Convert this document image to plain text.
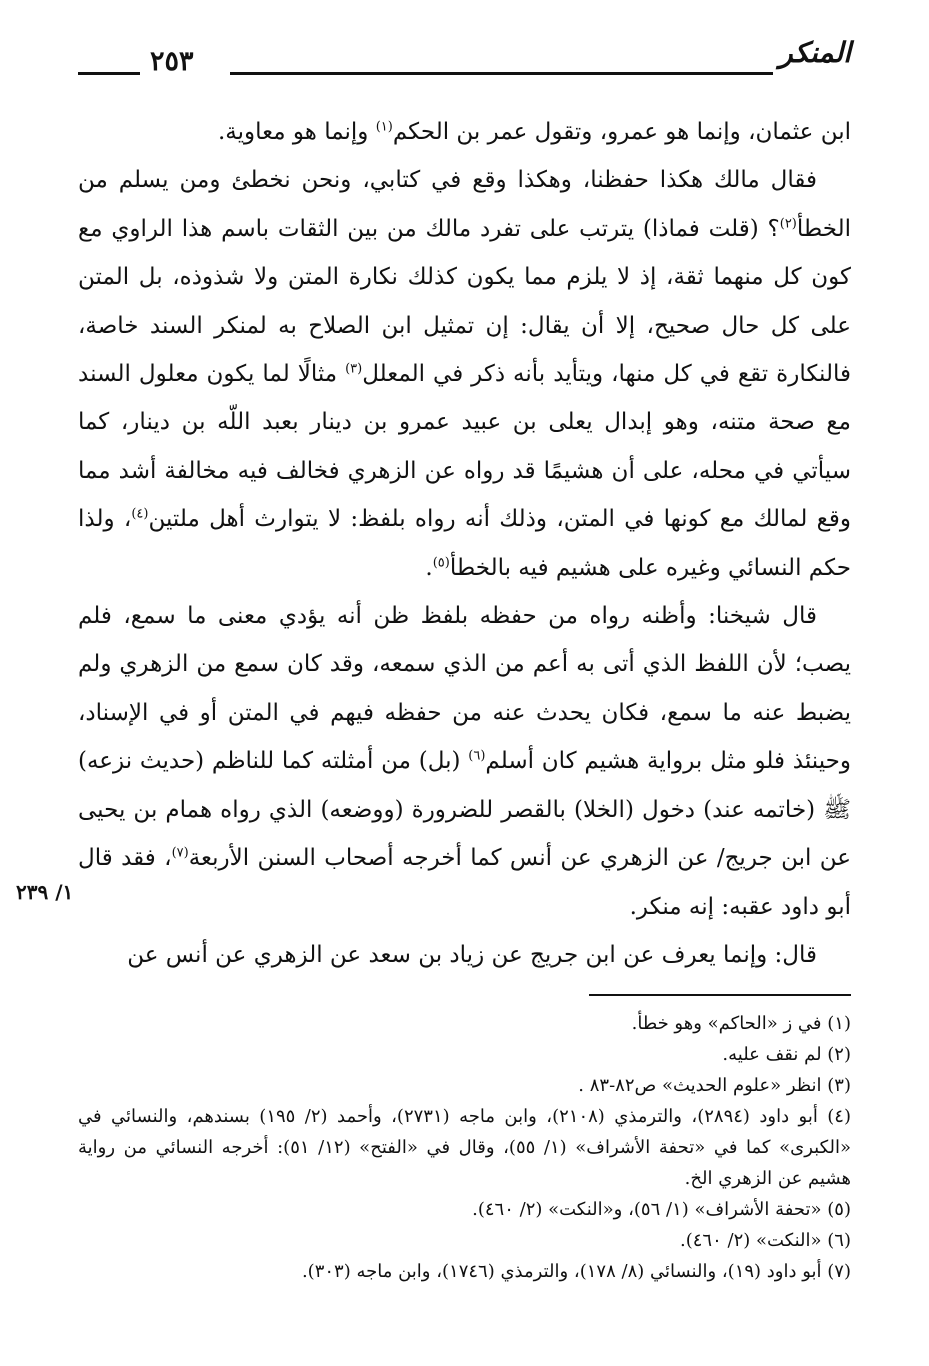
المنكر
٢٥٣

ابن عثمان، وإنما هو عمرو، وتقول عمر بن الحكم$^{(١)}$ وإنما هو معاوية.

فقال مالك هكذا حفظنا، وهكذا وقع في كتابي، ونحن نخطئ ومن يسلم من الخطأ$^{(٢)}$؟ (قلت فماذا) يترتب على تفرد مالك من بين الثقات باسم هذا الراوي مع كون كل منهما ثقة، إذ لا يلزم مما يكون كذلك نكارة المتن ولا شذوذه، بل المتن على كل حال صحيح، إلا أن يقال: إن تمثيل ابن الصلاح به لمنكر السند خاصة، فالنكارة تقع في كل منها، ويتأيد بأنه ذكر في المعلل$^{(٣)}$ مثالًا لما يكون معلول السند مع صحة متنه، وهو إبدال يعلى بن عبيد عمرو بن دينار بعبد اللّه بن دينار، كما سيأتي في محله، على أن هشيمًا قد رواه عن الزهري فخالف فيه مخالفة أشد مما وقع لمالك مع كونها في المتن، وذلك أنه رواه بلفظ: لا يتوارث أهل ملتين$^{(٤)}$، ولذا حكم النسائي وغيره على هشيم فيه بالخطأ$^{(٥)}$.

قال شيخنا: وأظنه رواه من حفظه بلفظ ظن أنه يؤدي معنى ما سمع، فلم يصب؛ لأن اللفظ الذي أتى به أعم من الذي سمعه، وقد كان سمع من الزهري ولم يضبط عنه ما سمع، فكان يحدث عنه من حفظه فيهم في المتن أو في الإسناد، وحينئذ فلو مثل برواية هشيم كان أسلم$^{(٦)}$ (بل) من أمثلته كما للناظم (حديث نزعه) ﷺ (خاتمه عند) دخول (الخلا) بالقصر للضرورة (ووضعه) الذي رواه همام بن يحيى عن ابن جريج/ عن الزهري عن أنس كما أخرجه أصحاب السنن الأربعة$^{(٧)}$، فقد قال أبو داود عقبه: إنه منكر.

قال: وإنما يعرف عن ابن جريج عن زياد بن سعد عن الزهري عن أنس عن

١/ ٢٣٩

(١) في ز «الحاكم» وهو خطأ.

(٢) لم نقف عليه.

(٣) انظر «علوم الحديث» ص٨٢-٨٣ .

(٤) أبو داود (٢٨٩٤)، والترمذي (٢١٠٨)، وابن ماجه (٢٧٣١)، وأحمد (٢/ ١٩٥) بسندهم، والنسائي في «الكبرى» كما في «تحفة الأشراف» (١/ ٥٥)، وقال في «الفتح» (١٢/ ٥١): أخرجه النسائي من رواية هشيم عن الزهري الخ.

(٥) «تحفة الأشراف» (١/ ٥٦)، و«النكت» (٢/ ٤٦٠).

(٦) «النكت» (٢/ ٤٦٠).

(٧) أبو داود (١٩)، والنسائي (٨/ ١٧٨)، والترمذي (١٧٤٦)، وابن ماجه (٣٠٣).
